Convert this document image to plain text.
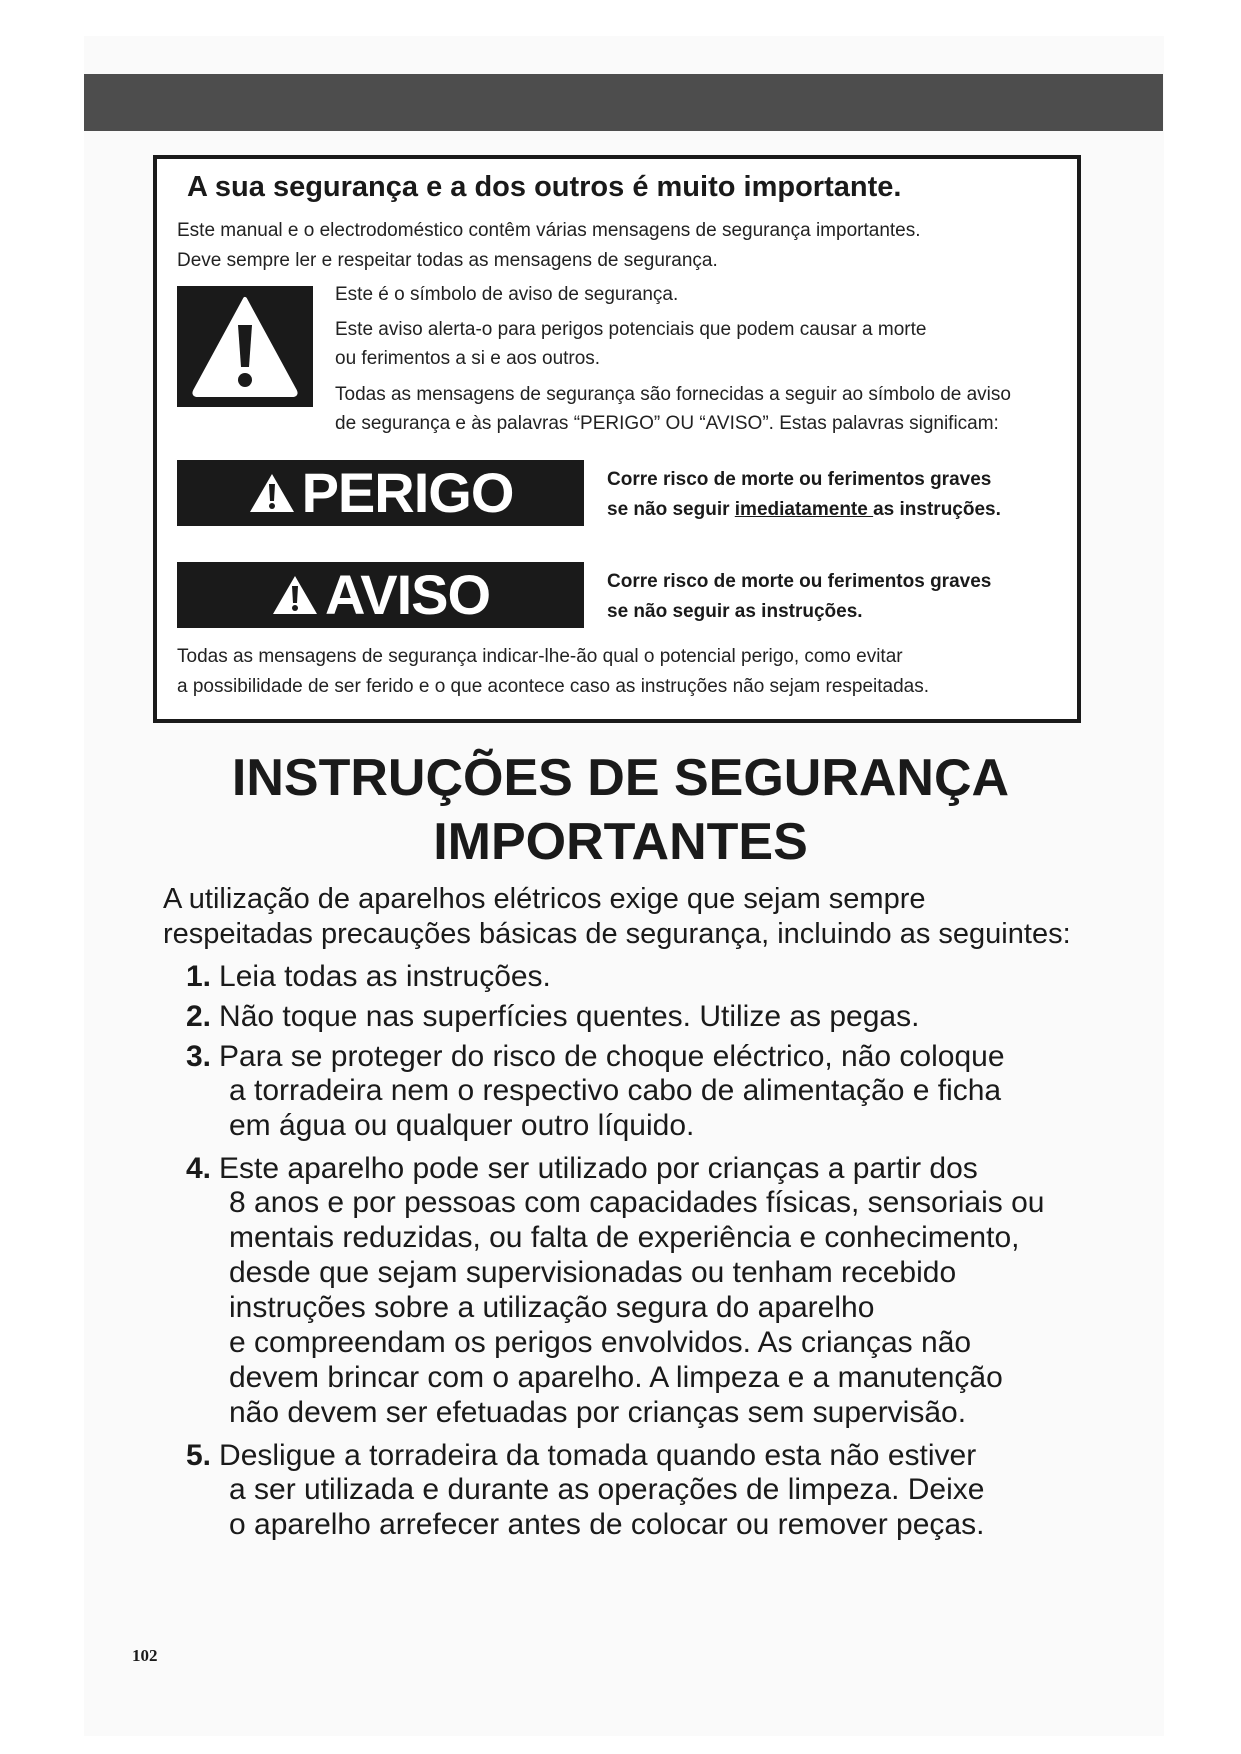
A sua segurança e a dos outros é muito importante.
Este manual e o electrodoméstico contêm várias mensagens de segurança importantes.
Deve sempre ler e respeitar todas as mensagens de segurança.
Este é o símbolo de aviso de segurança.
Este aviso alerta-o para perigos potenciais que podem causar a morte
ou ferimentos a si e aos outros.
Todas as mensagens de segurança são fornecidas a seguir ao símbolo de aviso
de segurança e às palavras “PERIGO” OU “AVISO”. Estas palavras significam:
PERIGO	Corre risco de morte ou ferimentos graves
se não seguir imediatamente as instruções.
AVISO	Corre risco de morte ou ferimentos graves
se não seguir as instruções.
Todas as mensagens de segurança indicar-lhe-ão qual o potencial perigo, como evitar
a possibilidade de ser ferido e o que acontece caso as instruções não sejam respeitadas.
INSTRUÇÕES DE SEGURANÇA
IMPORTANTES
A utilização de aparelhos elétricos exige que sejam sempre
respeitadas precauções básicas de segurança, incluindo as seguintes:
1. Leia todas as instruções.
2. Não toque nas superfícies quentes. Utilize as pegas.
3. Para se proteger do risco de choque eléctrico, não coloque
a torradeira nem o respectivo cabo de alimentação e ficha
em água ou qualquer outro líquido.
4. Este aparelho pode ser utilizado por crianças a partir dos
8 anos e por pessoas com capacidades físicas, sensoriais ou
mentais reduzidas, ou falta de experiência e conhecimento,
desde que sejam supervisionadas ou tenham recebido
instruções sobre a utilização segura do aparelho
e compreendam os perigos envolvidos. As crianças não
devem brincar com o aparelho. A limpeza e a manutenção
não devem ser efetuadas por crianças sem supervisão.
5. Desligue a torradeira da tomada quando esta não estiver
a ser utilizada e durante as operações de limpeza. Deixe
o aparelho arrefecer antes de colocar ou remover peças.
102
